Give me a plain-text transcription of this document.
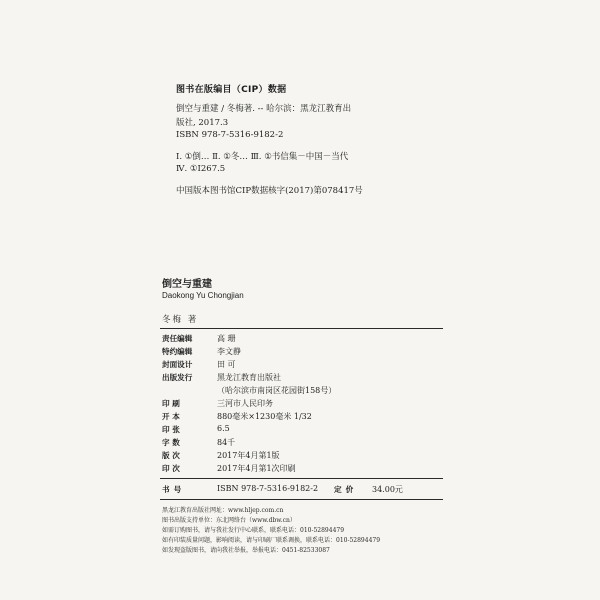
图书在版编目（CIP）数据
倒空与重建 / 冬梅著. -- 哈尔滨：黑龙江教育出
版社, 2017.3
ISBN 978-7-5316-9182-2
Ⅰ. ①倒… Ⅱ. ①冬… Ⅲ. ①书信集－中国－当代
Ⅳ. ①I267.5
中国版本图书馆CIP数据核字(2017)第078417号
倒空与重建
Daokong Yu Chongjian
冬梅 著
责任编辑	高 珊
特约编辑	李文静
封面设计	田 可
出版发行	黑龙江教育出版社
（哈尔滨市南岗区花园街158号）
印 刷	三河市人民印务
开 本	880毫米×1230毫米 1/32
印 张	6.5
字 数	84千
版 次	2017年4月第1版
印 次	2017年4月第1次印刷
书号	ISBN 978-7-5316-9182-2 定价 34.00元
黑龙江教育出版社网址：www.hljep.com.cn
图书出版支持单位：东北网络台（www.dbw.cn）
如需订购图书，请与我社发行中心联系，联系电话：010-52894479
如有印装质量问题，影响阅读，请与印刷厂联系调换，联系电话：010-52894479
如发现盗版图书，请向我社举报，举报电话：0451-82533087
